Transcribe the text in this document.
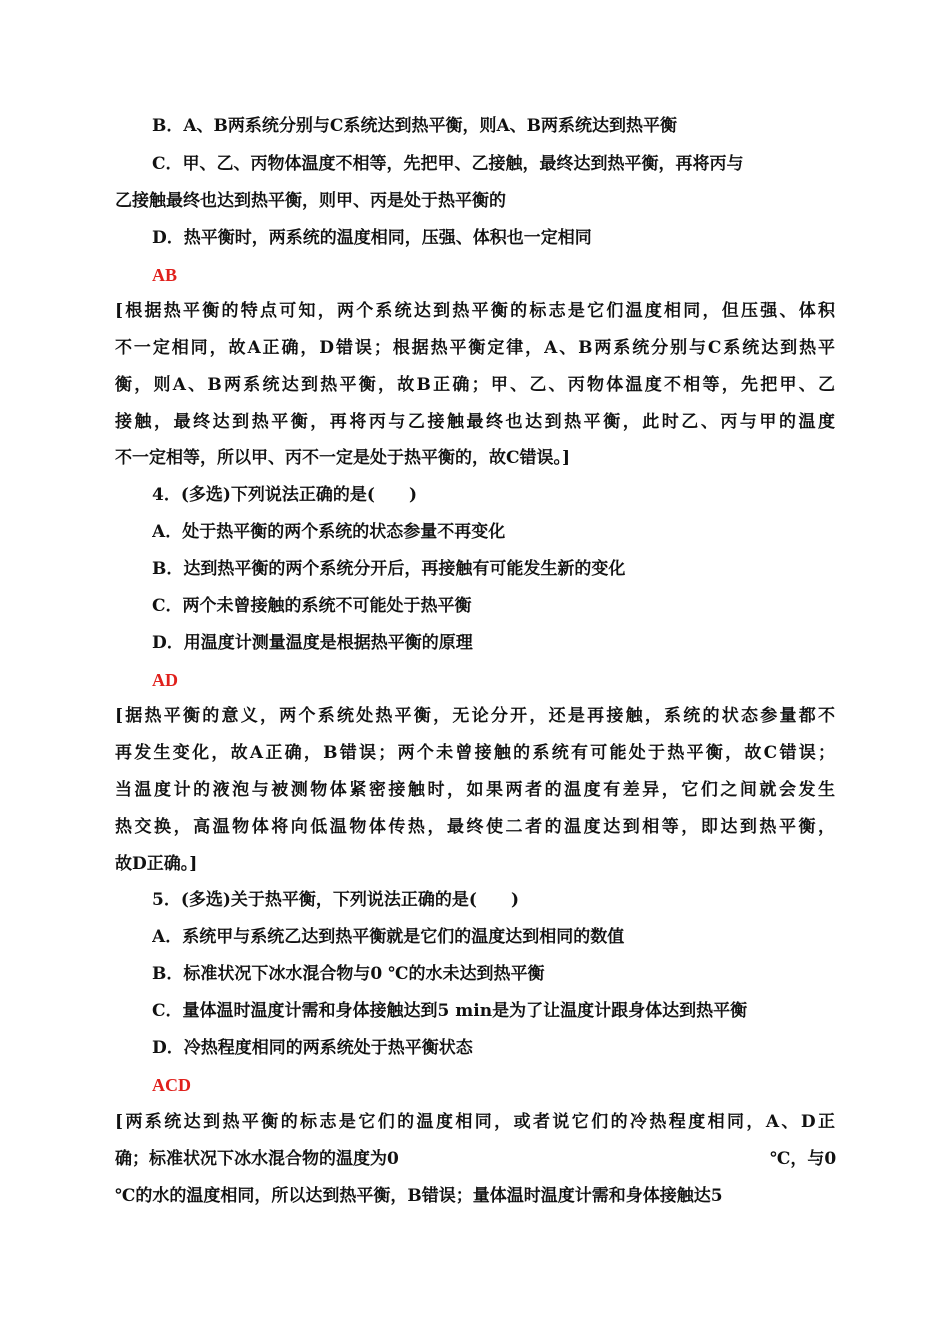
B．A、B两系统分别与C系统达到热平衡，则A、B两系统达到热平衡
C．甲、乙、丙物体温度不相等，先把甲、乙接触，最终达到热平衡，再将丙与
乙接触最终也达到热平衡，则甲、丙是处于热平衡的
D．热平衡时，两系统的温度相同，压强、体积也一定相同
AB
[根据热平衡的特点可知，两个系统达到热平衡的标志是它们温度相同，但压强、体积
不一定相同，故A正确，D错误；根据热平衡定律，A、B两系统分别与C系统达到热平
衡，则A、B两系统达到热平衡，故B正确；甲、乙、丙物体温度不相等，先把甲、乙
接触，最终达到热平衡，再将丙与乙接触最终也达到热平衡，此时乙、丙与甲的温度
不一定相等，所以甲、丙不一定是处于热平衡的，故C错误。]
4．(多选)下列说法正确的是(　　)
A．处于热平衡的两个系统的状态参量不再变化
B．达到热平衡的两个系统分开后，再接触有可能发生新的变化
C．两个未曾接触的系统不可能处于热平衡
D．用温度计测量温度是根据热平衡的原理
AD
[据热平衡的意义，两个系统处热平衡，无论分开，还是再接触，系统的状态参量都不
再发生变化，故A正确，B错误；两个未曾接触的系统有可能处于热平衡，故C错误；
当温度计的液泡与被测物体紧密接触时，如果两者的温度有差异，它们之间就会发生
热交换，高温物体将向低温物体传热，最终使二者的温度达到相等，即达到热平衡，
故D正确。]
5．(多选)关于热平衡，下列说法正确的是(　　)
A．系统甲与系统乙达到热平衡就是它们的温度达到相同的数值
B．标准状况下冰水混合物与0 ℃的水未达到热平衡
C．量体温时温度计需和身体接触达到5 min是为了让温度计跟身体达到热平衡
D．冷热程度相同的两系统处于热平衡状态
ACD
[两系统达到热平衡的标志是它们的温度相同，或者说它们的冷热程度相同，A、D正
确；标准状况下冰水混合物的温度为0	℃，与0
℃的水的温度相同，所以达到热平衡，B错误；量体温时温度计需和身体接触达5
